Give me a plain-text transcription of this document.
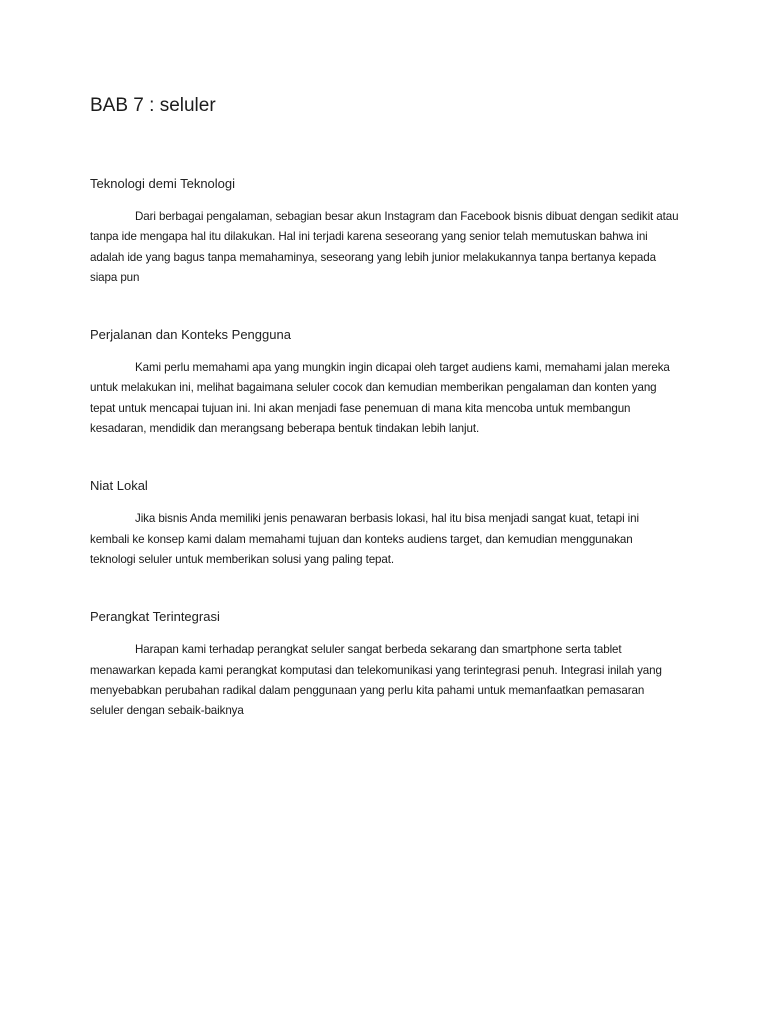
BAB 7 : seluler
Teknologi demi Teknologi

Dari berbagai pengalaman, sebagian besar akun Instagram dan Facebook bisnis dibuat dengan sedikit atau tanpa ide mengapa hal itu dilakukan. Hal ini terjadi karena seseorang yang senior telah memutuskan bahwa ini adalah ide yang bagus tanpa memahaminya, seseorang yang lebih junior melakukannya tanpa bertanya kepada siapa pun

Perjalanan dan Konteks Pengguna

Kami perlu memahami apa yang mungkin ingin dicapai oleh target audiens kami, memahami jalan mereka untuk melakukan ini, melihat bagaimana seluler cocok dan kemudian memberikan pengalaman dan konten yang tepat untuk mencapai tujuan ini. Ini akan menjadi fase penemuan di mana kita mencoba untuk membangun kesadaran, mendidik dan merangsang beberapa bentuk tindakan lebih lanjut.

Niat Lokal

Jika bisnis Anda memiliki jenis penawaran berbasis lokasi, hal itu bisa menjadi sangat kuat, tetapi ini kembali ke konsep kami dalam memahami tujuan dan konteks audiens target, dan kemudian menggunakan teknologi seluler untuk memberikan solusi yang paling tepat.

Perangkat Terintegrasi

Harapan kami terhadap perangkat seluler sangat berbeda sekarang dan smartphone serta tablet menawarkan kepada kami perangkat komputasi dan telekomunikasi yang terintegrasi penuh. Integrasi inilah yang menyebabkan perubahan radikal dalam penggunaan yang perlu kita pahami untuk memanfaatkan pemasaran seluler dengan sebaik-baiknya
